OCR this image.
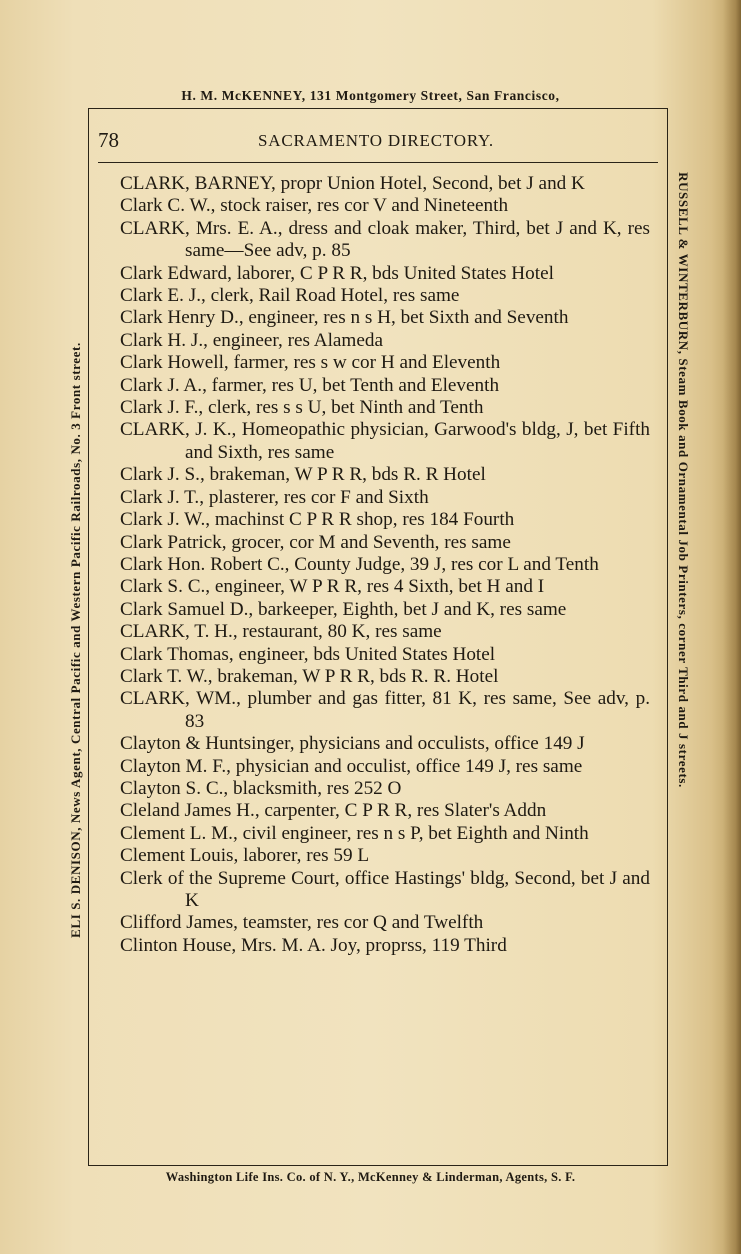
H. M. McKENNEY, 131 Montgomery Street, San Francisco,
78	SACRAMENTO DIRECTORY.
ELI S. DENISON, News Agent, Central Pacific and Western Pacific Railroads, No. 3 Front street.	RUSSELL & WINTERBURN, Steam Book and Ornamental Job Printers, corner Third and J streets.
CLARK, BARNEY, propr Union Hotel, Second, bet J and K
Clark C. W., stock raiser, res cor V and Nineteenth
CLARK, Mrs. E. A., dress and cloak maker, Third, bet J and K, res same—See adv, p. 85
Clark Edward, laborer, C P R R, bds United States Hotel
Clark E. J., clerk, Rail Road Hotel, res same
Clark Henry D., engineer, res n s H, bet Sixth and Seventh
Clark H. J., engineer, res Alameda
Clark Howell, farmer, res s w cor H and Eleventh
Clark J. A., farmer, res U, bet Tenth and Eleventh
Clark J. F., clerk, res s s U, bet Ninth and Tenth
CLARK, J. K., Homeopathic physician, Garwood's bldg, J, bet Fifth and Sixth, res same
Clark J. S., brakeman, W P R R, bds R. R Hotel
Clark J. T., plasterer, res cor F and Sixth
Clark J. W., machinst C P R R shop, res 184 Fourth
Clark Patrick, grocer, cor M and Seventh, res same
Clark Hon. Robert C., County Judge, 39 J, res cor L and Tenth
Clark S. C., engineer, W P R R, res 4 Sixth, bet H and I
Clark Samuel D., barkeeper, Eighth, bet J and K, res same
CLARK, T. H., restaurant, 80 K, res same
Clark Thomas, engineer, bds United States Hotel
Clark T. W., brakeman, W P R R, bds R. R. Hotel
CLARK, WM., plumber and gas fitter, 81 K, res same, See adv, p. 83
Clayton & Huntsinger, physicians and occulists, office 149 J
Clayton M. F., physician and occulist, office 149 J, res same
Clayton S. C., blacksmith, res 252 O
Cleland James H., carpenter, C P R R, res Slater's Addn
Clement L. M., civil engineer, res n s P, bet Eighth and Ninth
Clement Louis, laborer, res 59 L
Clerk of the Supreme Court, office Hastings' bldg, Second, bet J and K
Clifford James, teamster, res cor Q and Twelfth
Clinton House, Mrs. M. A. Joy, proprss, 119 Third
Washington Life Ins. Co. of N. Y., McKenney & Linderman, Agents, S. F.
